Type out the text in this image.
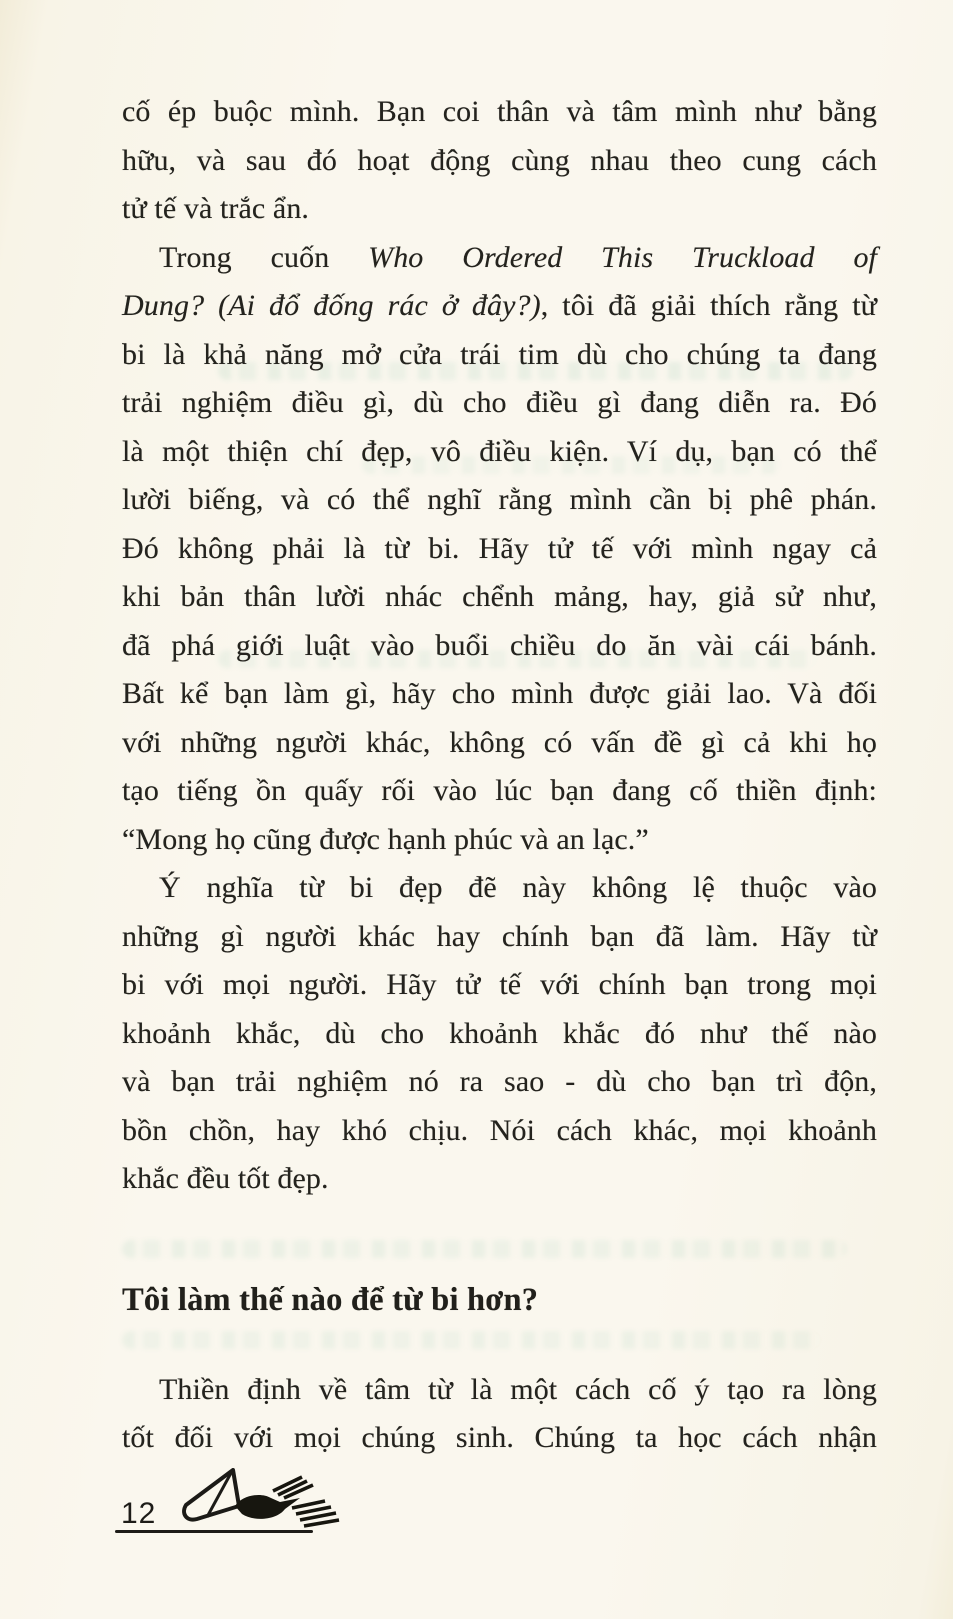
cố ép buộc mình. Bạn coi thân và tâm mình như bằng
hữu, và sau đó hoạt động cùng nhau theo cung cách
tử tế và trắc ẩn.
Trong cuốn Who Ordered This Truckload of
Dung? (Ai đổ đống rác ở đây?), tôi đã giải thích rằng từ
bi là khả năng mở cửa trái tim dù cho chúng ta đang
trải nghiệm điều gì, dù cho điều gì đang diễn ra. Đó
là một thiện chí đẹp, vô điều kiện. Ví dụ, bạn có thể
lười biếng, và có thể nghĩ rằng mình cần bị phê phán.
Đó không phải là từ bi. Hãy tử tế với mình ngay cả
khi bản thân lười nhác chểnh mảng, hay, giả sử như,
đã phá giới luật vào buổi chiều do ăn vài cái bánh.
Bất kể bạn làm gì, hãy cho mình được giải lao. Và đối
với những người khác, không có vấn đề gì cả khi họ
tạo tiếng ồn quấy rối vào lúc bạn đang cố thiền định:
“Mong họ cũng được hạnh phúc và an lạc.”
Ý nghĩa từ bi đẹp đẽ này không lệ thuộc vào
những gì người khác hay chính bạn đã làm. Hãy từ
bi với mọi người. Hãy tử tế với chính bạn trong mọi
khoảnh khắc, dù cho khoảnh khắc đó như thế nào
và bạn trải nghiệm nó ra sao - dù cho bạn trì độn,
bồn chồn, hay khó chịu. Nói cách khác, mọi khoảnh
khắc đều tốt đẹp.
Tôi làm thế nào để từ bi hơn?
Thiền định về tâm từ là một cách cố ý tạo ra lòng
tốt đối với mọi chúng sinh. Chúng ta học cách nhận
12
